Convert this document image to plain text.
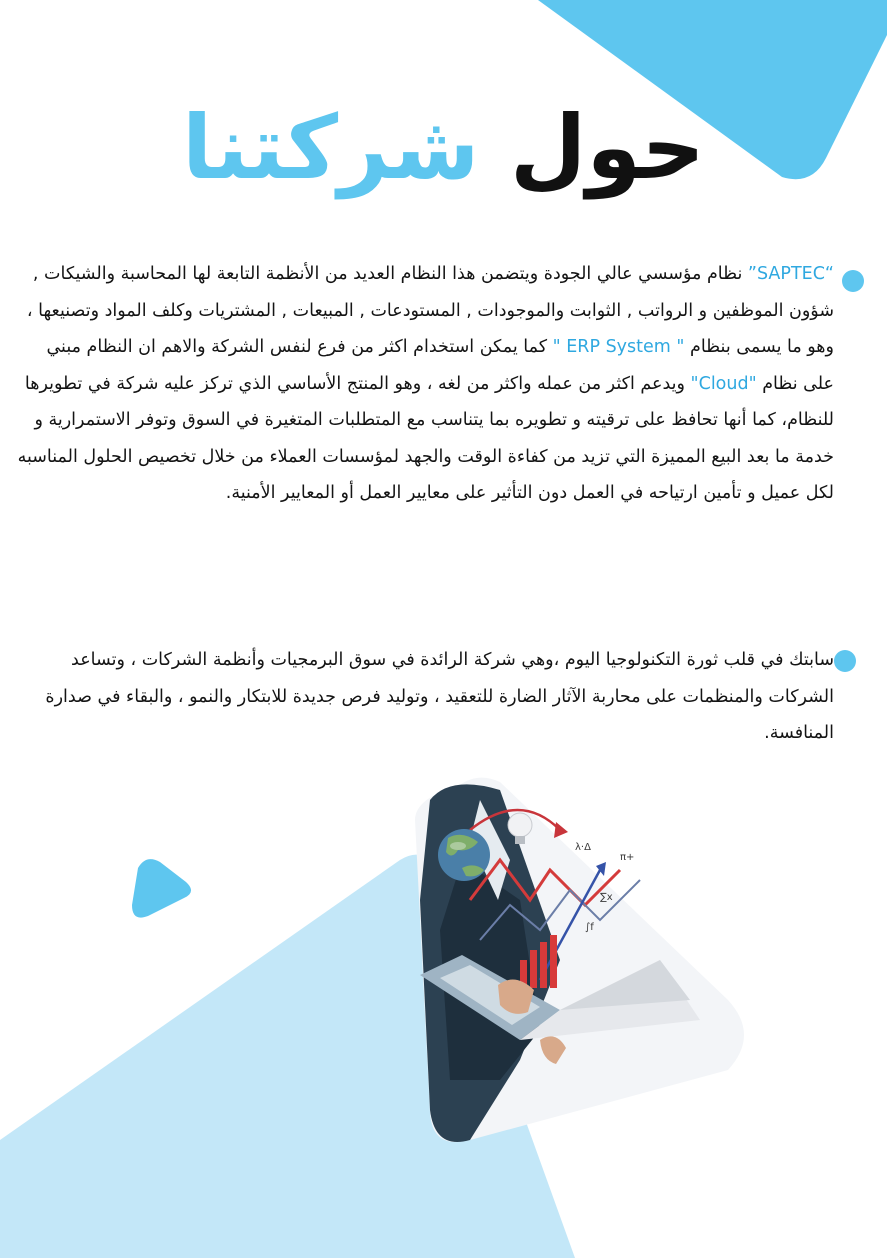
λ·Δ
∑x
∫f
π+
حول شركتنا

“SAPTEC” نظام مؤسسي عالي الجودة ويتضمن هذا النظام العديد من الأنظمة التابعة لها المحاسبة والشيكات , شؤون الموظفين و الرواتب , الثوابت والموجودات , المستودعات , المبيعات , المشتريات وكلف المواد وتصنيعها ، وهو ما يسمى بنظام " ERP System " كما يمكن استخدام اكثر من فرع لنفس الشركة والاهم ان النظام مبني على نظام "Cloud" ويدعم اكثر من عمله واكثر من لغه ، وهو المنتج الأساسي الذي تركز عليه شركة في تطويرها للنظام، كما أنها تحافظ على ترقيته و تطويره بما يتناسب مع المتطلبات المتغيرة في السوق وتوفر الاستمرارية و خدمة ما بعد البيع المميزة التي تزيد من كفاءة الوقت والجهد لمؤسسات العملاء من خلال تخصيص الحلول المناسبه لكل عميل و تأمين ارتياحه في العمل دون التأثير على معايير العمل أو المعايير الأمنية.

سابتك في قلب ثورة التكنولوجيا اليوم ،وهي شركة الرائدة في سوق البرمجيات وأنظمة الشركات ، وتساعد الشركات والمنظمات على محاربة الآثار الضارة للتعقيد ، وتوليد فرص جديدة للابتكار والنمو ، والبقاء في صدارة المنافسة.
